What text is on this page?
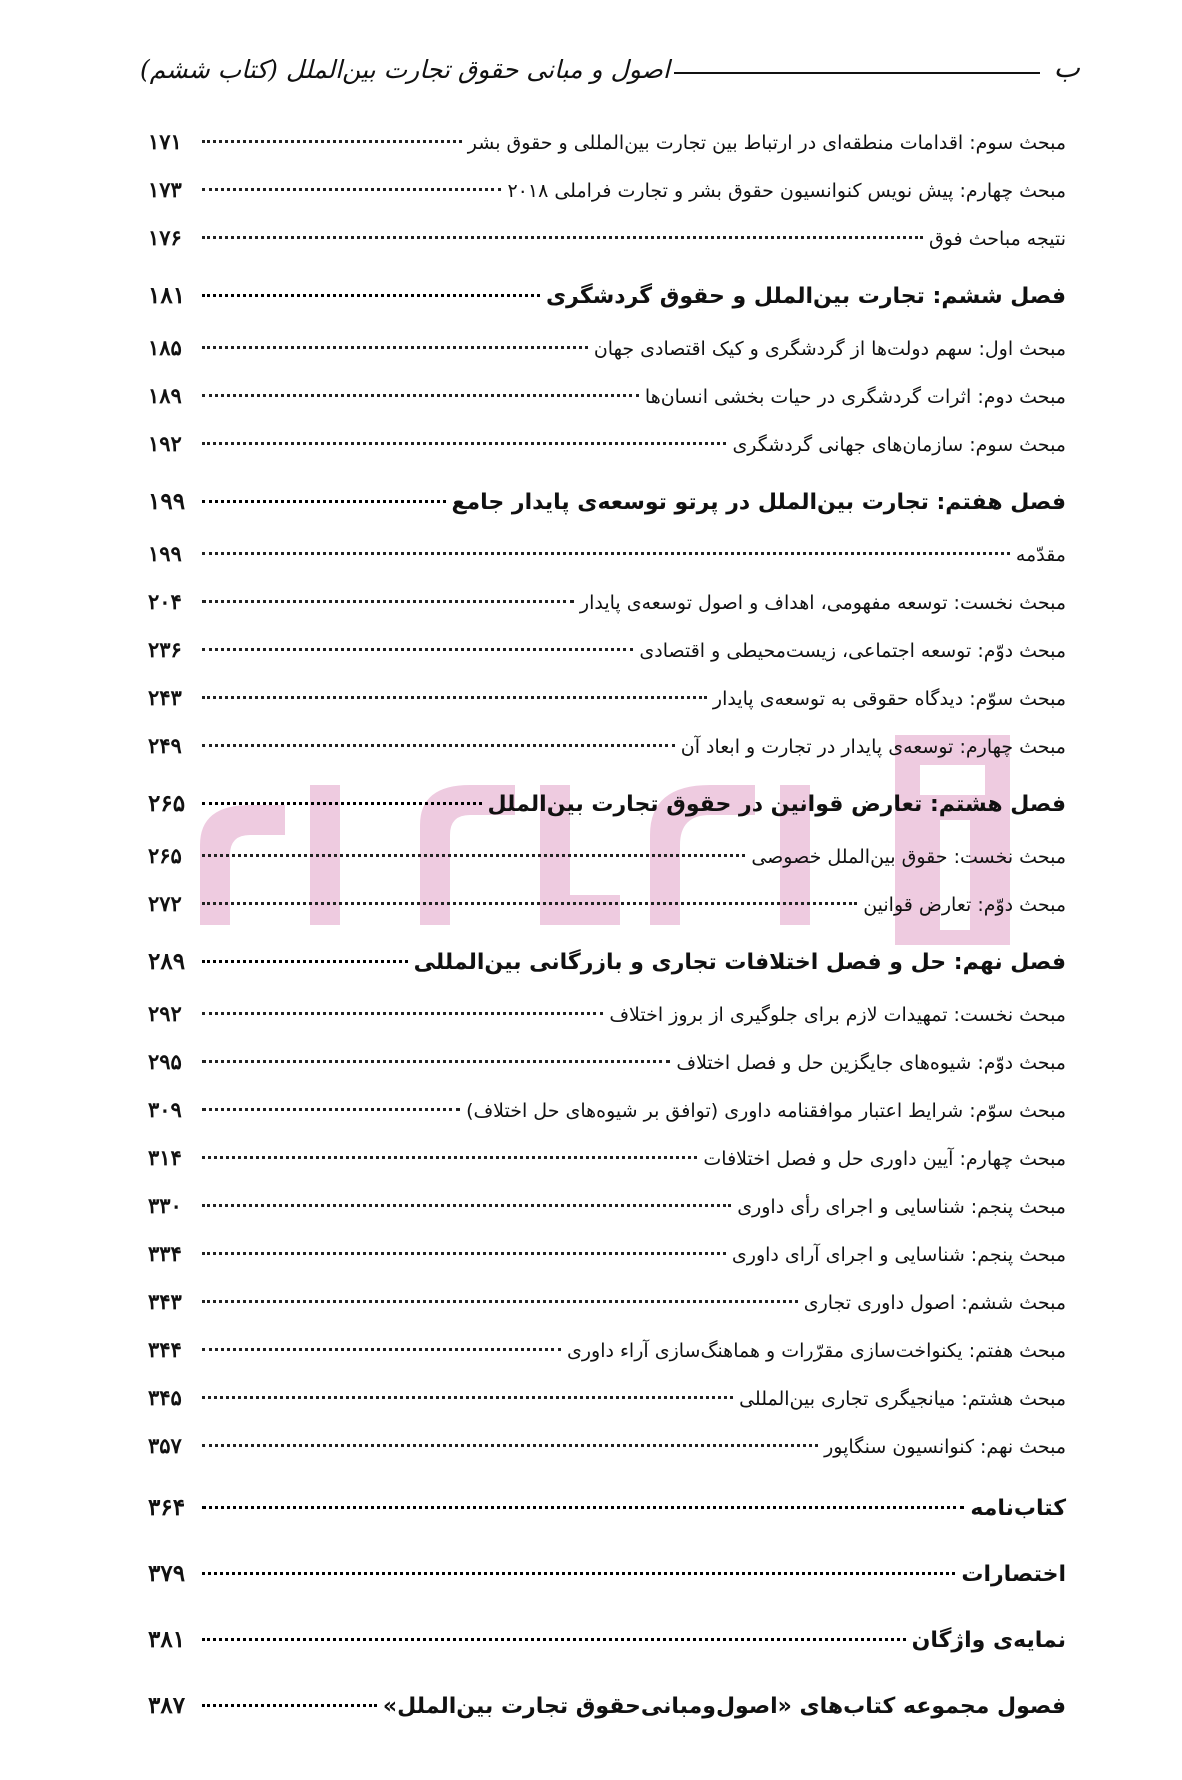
ب
اصول و مبانی حقوق تجارت بین‌الملل (کتاب ششم)
مبحث سوم: اقدامات منطقه‌ای در ارتباط بین تجارت بین‌المللی و حقوق بشر
۱۷۱
مبحث چهارم: پیش نویس کنوانسیون حقوق بشر و تجارت فراملی ۲۰۱۸
۱۷۳
نتیجه مباحث فوق
۱۷۶
فصل ششم: تجارت بین‌الملل و حقوق گردشگری
۱۸۱
مبحث اول: سهم دولت‌ها از گردشگری و کیک اقتصادی جهان
۱۸۵
مبحث دوم: اثرات گردشگری در حیات بخشی انسان‌ها
۱۸۹
مبحث سوم: سازمان‌های جهانی گردشگری
۱۹۲
فصل هفتم: تجارت بین‌الملل در پرتو توسعه‌ی پایدار جامع
۱۹۹
مقدّمه
۱۹۹
مبحث نخست: توسعه مفهومی، اهداف و اصول توسعه‌ی پایدار
۲۰۴
مبحث دوّم: توسعه اجتماعی، زیست‌محیطی و اقتصادی
۲۳۶
مبحث سوّم: دیدگاه حقوقی به توسعه‌ی پایدار
۲۴۳
مبحث چهارم: توسعه‌ی پایدار در تجارت و ابعاد آن
۲۴۹
فصل هشتم: تعارض قوانین در حقوق تجارت بین‌الملل
۲۶۵
مبحث نخست: حقوق بین‌الملل خصوصی
۲۶۵
مبحث دوّم: تعارض قوانین
۲۷۲
فصل نهم: حل و فصل اختلافات تجاری و بازرگانی بین‌المللی
۲۸۹
مبحث نخست: تمهیدات لازم برای جلوگیری از بروز اختلاف
۲۹۲
مبحث دوّم: شیوه‌های جایگزین حل و فصل اختلاف
۲۹۵
مبحث سوّم: شرایط اعتبار موافقنامه داوری (توافق بر شیوه‌های حل اختلاف)
۳۰۹
مبحث چهارم: آیین داوری حل و فصل اختلافات
۳۱۴
مبحث پنجم: شناسایی و اجرای رأی داوری
۳۳۰
مبحث پنجم: شناسایی و اجرای آرای داوری
۳۳۴
مبحث ششم: اصول داوری تجاری
۳۴۳
مبحث هفتم: یکنواخت‌سازی مقرّرات و هماهنگ‌سازی آراء داوری
۳۴۴
مبحث هشتم: میانجیگری تجاری بین‌المللی
۳۴۵
مبحث نهم: کنوانسیون سنگاپور
۳۵۷
کتاب‌نامه
۳۶۴
اختصارات
۳۷۹
نمایه‌ی واژگان
۳۸۱
فصول مجموعه کتاب‌های «اصول‌ومبانی‌حقوق تجارت بین‌الملل»
۳۸۷
